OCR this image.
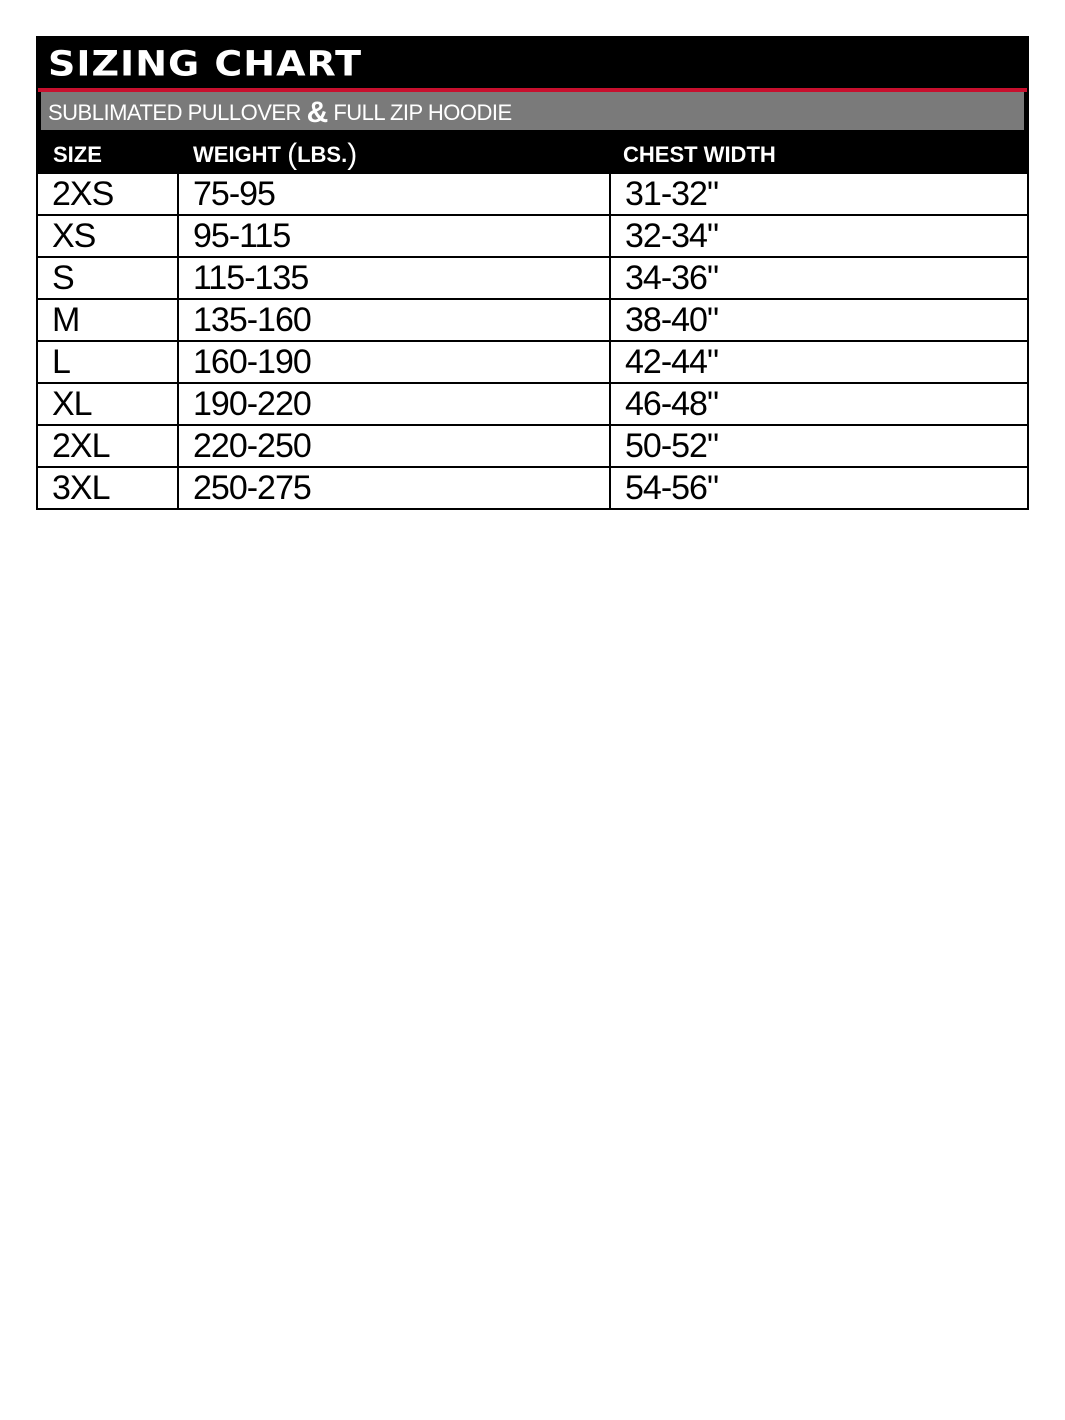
SIZING CHART
SUBLIMATED PULLOVER & FULL ZIP HOODIE
SIZE	WEIGHT (LBS.)	CHEST WIDTH
2XS	75-95	31-32"
XS	95-115	32-34"
S	115-135	34-36"
M	135-160	38-40"
L	160-190	42-44"
XL	190-220	46-48"
2XL	220-250	50-52"
3XL	250-275	54-56"
